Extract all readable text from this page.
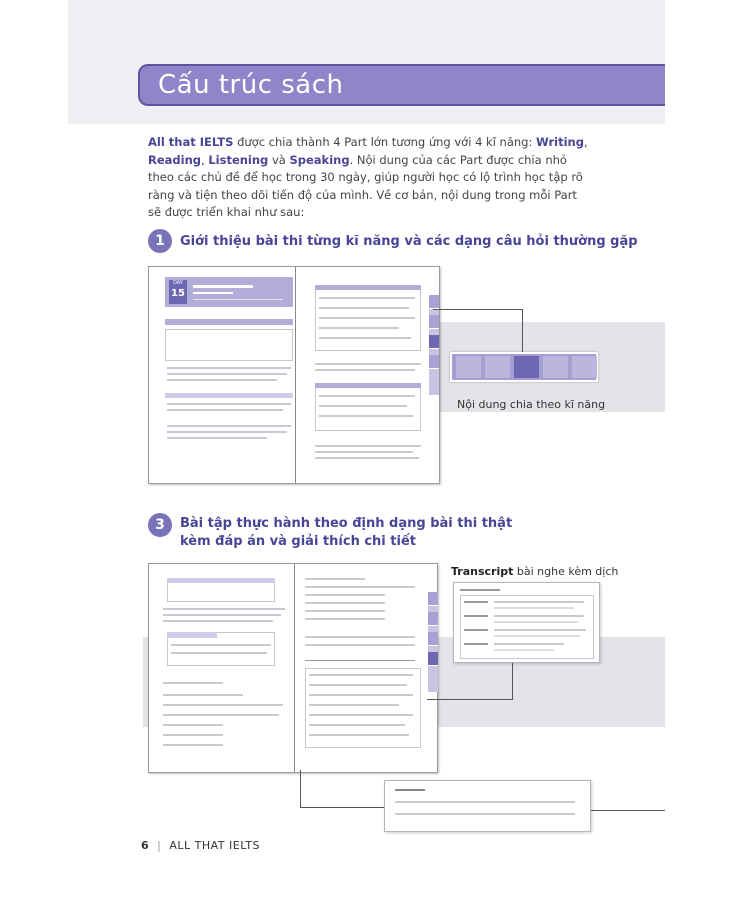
Cấu trúc sách
All that IELTS được chia thành 4 Part lớn tương ứng với 4 kĩ năng: Writing, Reading, Listening và Speaking. Nội dung của các Part được chia nhỏ theo các chủ đề để học trong 30 ngày, giúp người học có lộ trình học tập rõ ràng và tiện theo dõi tiến độ của mình. Về cơ bản, nội dung trong mỗi Part sẽ được triển khai như sau:
1	Giới thiệu bài thi từng kĩ năng và các dạng câu hỏi thường gặp
DAY
15
Nội dung chia theo kĩ năng
3	Bài tập thực hành theo định dạng bài thi thật
kèm đáp án và giải thích chi tiết
Transcript bài nghe kèm dịch
6  |  ALL THAT IELTS
